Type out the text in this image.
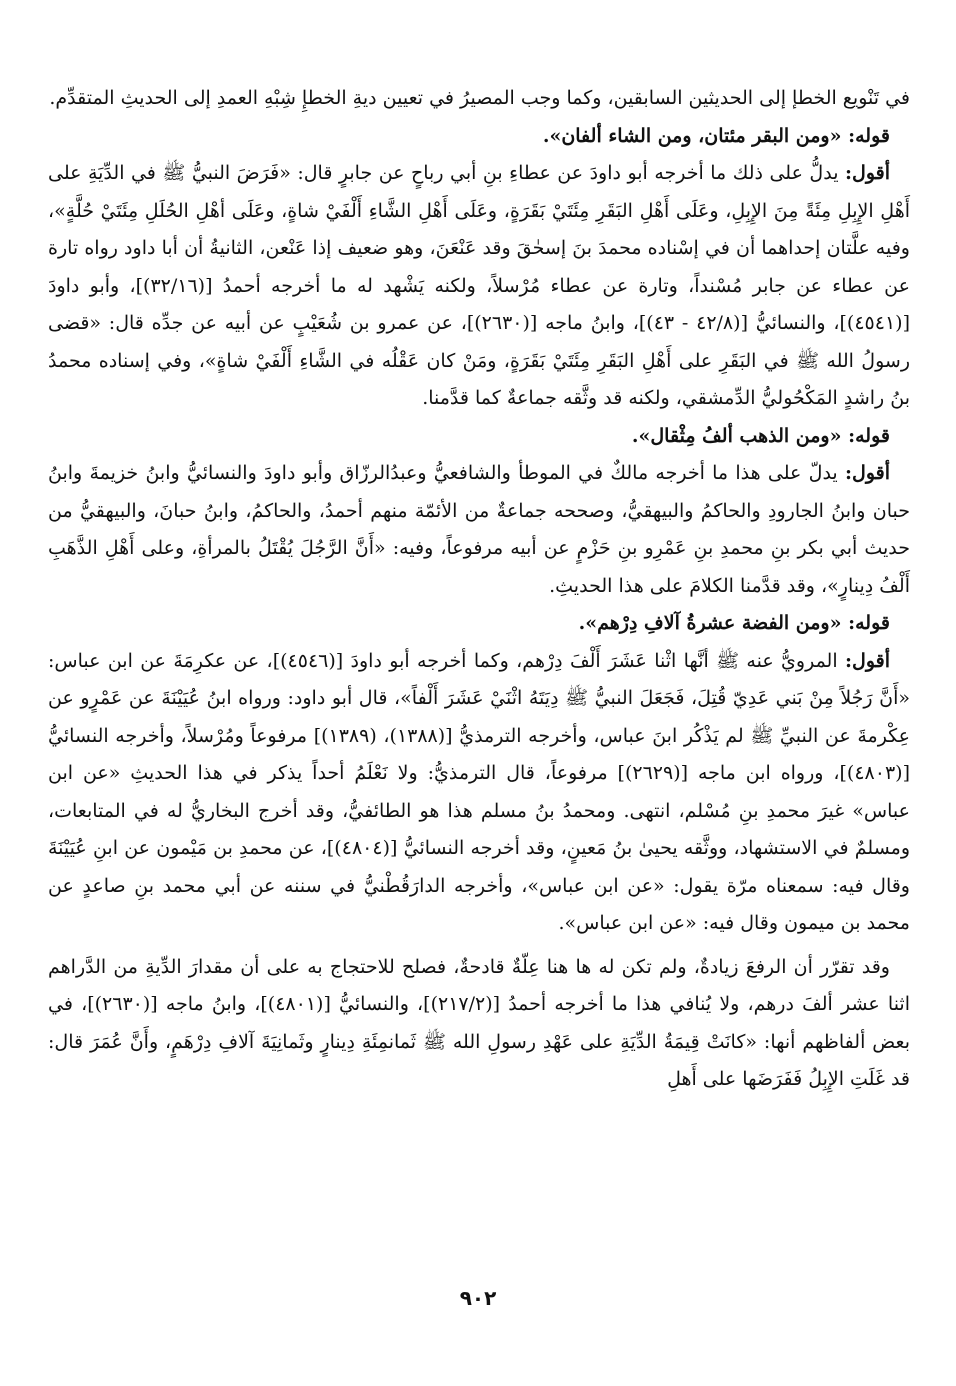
في تَنْويع الخطإ إلى الحديثين السابقين، وكما وجب المصيرُ في تعيين ديةِ الخطإِ شِبْهِ العمدِ إلى الحديثِ المتقدِّم.

قوله: «ومن البقر مئتان، ومن الشاء ألفان».

أقول: يدلُّ على ذلك ما أخرجه أبو داودَ عن عطاءِ بنِ أبي رباحٍ عن جابرٍ قال: «فَرَضَ النبيُّ ﷺ في الدِّيَةِ على أَهْلِ الإِبِلِ مِئَةً مِنَ الإِبِلِ، وعَلَى أَهْلِ البَقَرِ مِئَتَيْ بَقَرَةٍ، وعَلَى أَهْلِ الشَّاءِ أَلْفَيْ شاةٍ، وعَلَى أهْلِ الحُلَلِ مِئَتَيْ حُلَّةٍ»، وفيه علَّتان إحداهما أن في إسْناده محمدَ بنَ إسحٰقَ وقد عَنْعَنَ، وهو ضعيف إذا عَنْعن، الثانيةُ أن أبا داود رواه تارة عن عطاء عن جابر مُسْنداً، وتارة عن عطاء مُرْسلاً، ولكنه يَشْهد له ما أخرجه أحمدُ [(٣٢/١٦)]، وأبو داودَ [(٤٥٤١)]، والنسائيُّ [(٤٢/٨ - ٤٣)]، وابنُ ماجه [(٢٦٣٠)]، عن عمرو بن شُعَيْبٍ عن أبيه عن جدِّه قال: «قضى رسولُ الله ﷺ في البَقَرِ على أَهْلِ البَقَرِ مِئَتَيْ بَقَرَةٍ، ومَنْ كان عَقْلُه في الشَّاءِ أَلْفَيْ شاةٍ»، وفي إسناده محمدُ بنُ راشدٍ المَكْحُوليُّ الدِّمشقي، ولكنه قد وثَّقه جماعةٌ كما قدَّمنا.

قوله: «ومن الذهب ألفُ مِثْقال».

أقول: يدلّ على هذا ما أخرجه مالكٌ في الموطأ والشافعيُّ وعبدُالرزّاق وأبو داودَ والنسائيُّ وابنُ خزيمةَ وابنُ حبان وابنُ الجارودِ والحاكمُ والبيهقيُّ، وصححه جماعةٌ من الأئمّة منهم أحمدُ، والحاكمُ، وابنُ حبانَ، والبيهقيُّ من حديث أبي بكر بنِ محمدِ بنِ عَمْرِو بنِ حَزْمٍ عن أبيه مرفوعاً، وفيه: «أَنَّ الرَّجُلَ يُقْتَلُ بالمرأةِ، وعلى أَهْلِ الذَّهَبِ أَلْفُ دِينارٍ»، وقد قدَّمنا الكلامَ على هذا الحديثِ.

قوله: «ومن الفضة عشرةُ آلافِ دِرْهم».

أقول: المرويُّ عنه ﷺ أنَّها اثْنا عَشَرَ أَلْفَ دِرْهم، وكما أخرجه أبو داودَ [(٤٥٤٦)]، عن عكرِمَةَ عن ابن عباس: «أَنَّ رَجُلاً مِنْ بَني عَدِيّ قُتِلَ، فَجَعَلَ النبيُّ ﷺ دِيَتَهُ اثْنَيْ عَشَرَ أَلْفاً»، قال أبو داود: ورواه ابنُ عُيَيْنَةَ عن عَمْرٍو عن عِكْرمةَ عن النبيِّ ﷺ لم يَذْكُر ابنَ عباس، وأخرجه الترمذيُّ [(١٣٨٨)، (١٣٨٩)] مرفوعاً ومُرْسلاً، وأخرجه النسائيُّ [(٤٨٠٣)]، ورواه ابن ماجه [(٢٦٢٩)] مرفوعاً، قال الترمذيُّ: ولا نَعْلَمُ أحداً يذكر في هذا الحديثِ «عن ابن عباس» غيرَ محمدِ بنِ مُسْلم، انتهى. ومحمدُ بنُ مسلم هذا هو الطائفيُّ، وقد أخرج البخاريُّ له في المتابعات، ومسلمٌ في الاستشهاد، ووثَّقه يحيىٰ بنُ مَعينٍ، وقد أخرجه النسائيُّ [(٤٨٠٤)]، عن محمدِ بن مَيْمون عن ابنِ عُيَيْنَةَ وقال فيه: سمعناه مرّة يقول: «عن ابن عباس»، وأخرجه الدارَقُطْنيُّ في سننه عن أبي محمد بنِ صاعدٍ عن محمد بن ميمون وقال فيه: «عن ابن عباس».

وقد تقرّر أن الرفعَ زيادةٌ، ولم تكن له ها هنا عِلّةٌ قادحةٌ، فصلح للاحتجاج به على أن مقدارَ الدِّيةِ من الدَّراهم اثنا عشر ألفَ درهم، ولا يُنافي هذا ما أخرجه أحمدُ [(٢١٧/٢)]، والنسائيُّ [(٤٨٠١)]، وابنُ ماجه [(٢٦٣٠)]، في بعض ألفاظهم أنها: «كانَتْ قِيمَةُ الدِّيَةِ على عَهْدِ رسولِ الله ﷺ ثَمانمِئَةِ دِينارٍ وثَمانِيَةَ آلافِ دِرْهَمٍ، وأَنَّ عُمَرَ قال: قد غَلَتِ الإِبِلُ فَفَرَضَها على أَهلِ

٩٠٢
